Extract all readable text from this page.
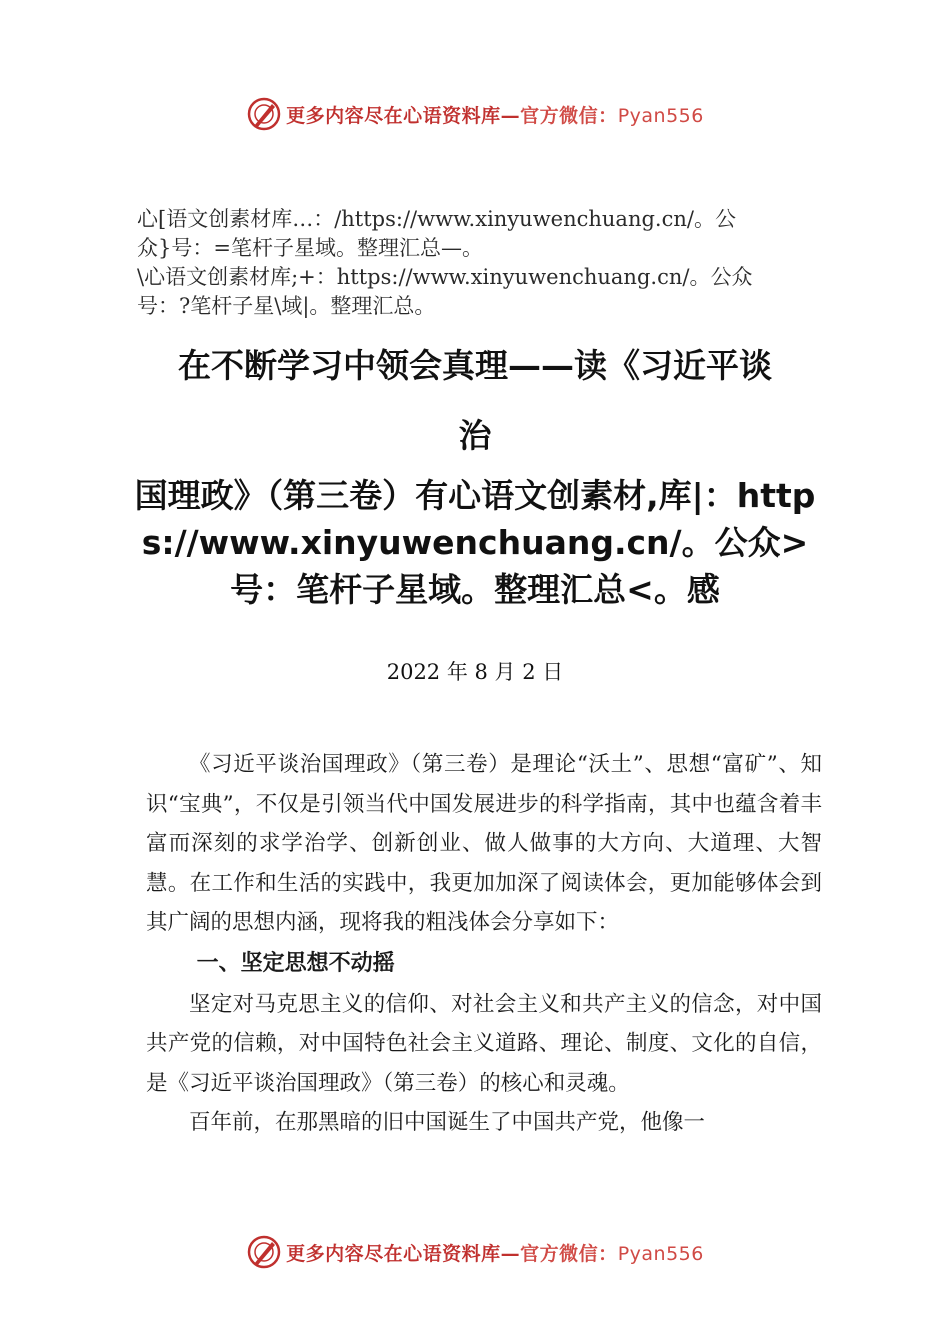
更多内容尽在心语资料库—官方微信：Pyan556
心[语文创素材库…：/https://www.xinyuwenchuang.cn/。公
众}号：=笔杆子星域。整理汇总—。
\心语文创素材库;+：https://www.xinyuwenchuang.cn/。公众
号：?笔杆子星\域|。整理汇总。
在不断学习中领会真理——读《习近平谈
治
国理政》（第三卷）有心语文创素材,库|：https://www.xinyuwenchuang.cn/。公众>号：笔杆子星域。整理汇总<。感
2022 年 8 月 2 日

《习近平谈治国理政》（第三卷）是理论“沃土”、思想“富矿”、知识“宝典”，不仅是引领当代中国发展进步的科学指南，其中也蕴含着丰富而深刻的求学治学、创新创业、做人做事的大方向、大道理、大智慧。在工作和生活的实践中，我更加加深了阅读体会，更加能够体会到其广阔的思想内涵，现将我的粗浅体会分享如下：

一、坚定思想不动摇

坚定对马克思主义的信仰、对社会主义和共产主义的信念，对中国共产党的信赖，对中国特色社会主义道路、理论、制度、文化的自信，是《习近平谈治国理政》（第三卷）的核心和灵魂。

百年前，在那黑暗的旧中国诞生了中国共产党，他像一

更多内容尽在心语资料库—官方微信：Pyan556
